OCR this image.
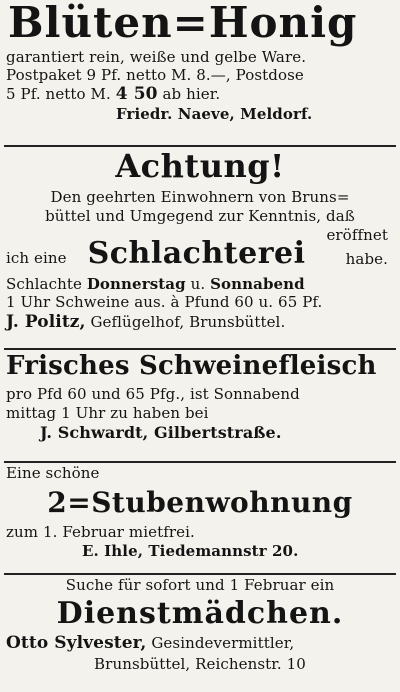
Blüten=Honig
garantiert rein, weiße und gelbe Ware.
Postpaket 9 Pf. netto M. 8.—, Postdose
5 Pf. netto M. 4 50 ab hier.
Friedr. Naeve, Meldorf.
Achtung!
Den geehrten Einwohnern von Bruns=
büttel und Umgegend zur Kenntnis, daß
ich eine Schlachterei
eröffnet
habe.
Schlachte Donnerstag u. Sonnabend
1 Uhr Schweine aus. à Pfund 60 u. 65 Pf.
J. Politz, Geflügelhof, Brunsbüttel.
Frisches Schweinefleisch
pro Pfd 60 und 65 Pfg., ist Sonnabend
mittag 1 Uhr zu haben bei
J. Schwardt, Gilbertstraße.
Eine schöne
2=Stubenwohnung
zum 1. Februar mietfrei.
E. Ihle, Tiedemannstr 20.
Suche für sofort und 1 Februar ein
Dienstmädchen.
Otto Sylvester, Gesindevermittler,
Brunsbüttel, Reichenstr. 10
